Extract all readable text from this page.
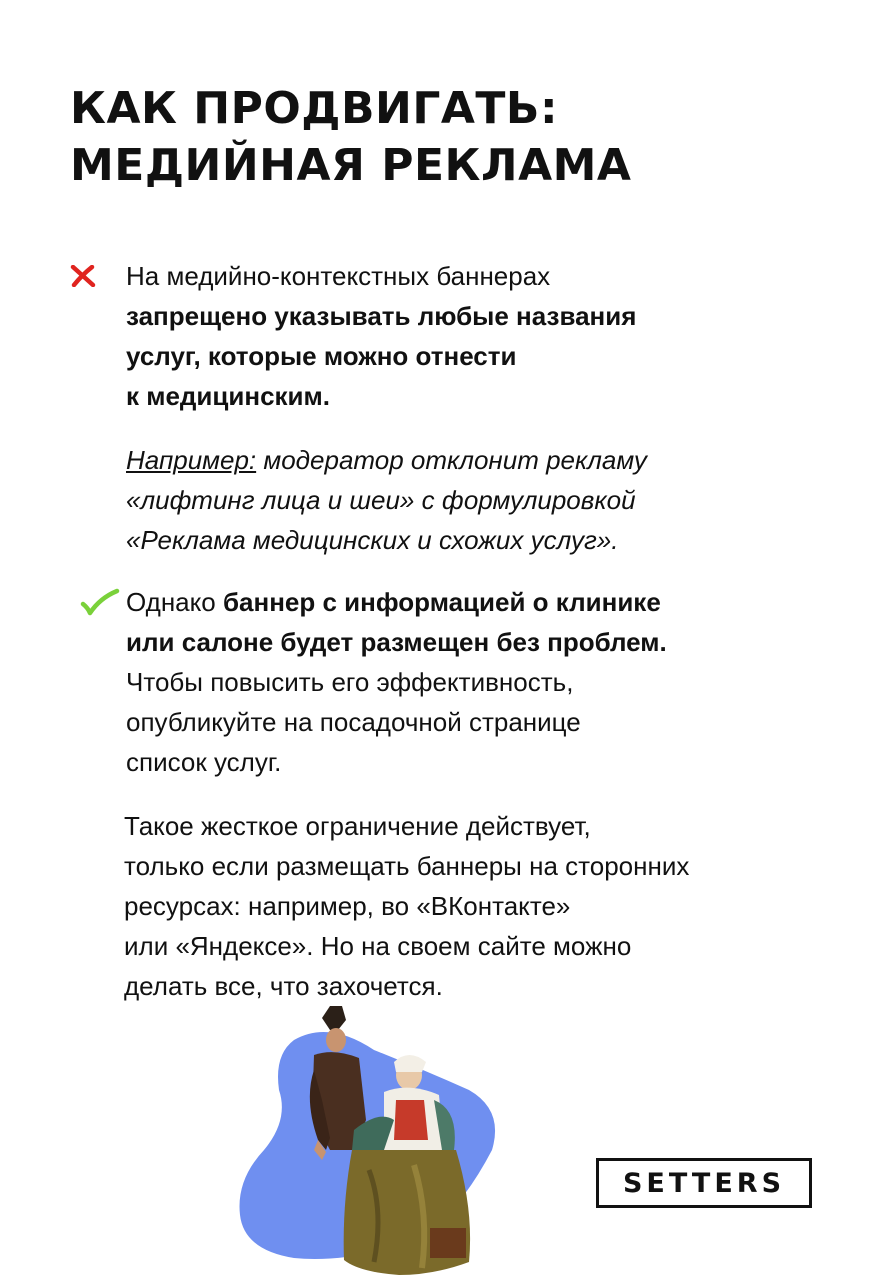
КАК ПРОДВИГАТЬ:
МЕДИЙНАЯ РЕКЛАМА
На медийно-контекстных баннерах
запрещено указывать любые названия
услуг, которые можно отнести
к медицинским.
Например: модератор отклонит рекламу
«лифтинг лица и шеи» с формулировкой
«Реклама медицинских и схожих услуг».
Однако баннер с информацией о клинике
или салоне будет размещен без проблем.
Чтобы повысить его эффективность,
опубликуйте на посадочной странице
список услуг.
Такое жесткое ограничение действует,
только если размещать баннеры на сторонних
ресурсах: например, во «ВКонтакте»
или «Яндексе». Но на своем сайте можно
делать все, что захочется.
SETTERS
